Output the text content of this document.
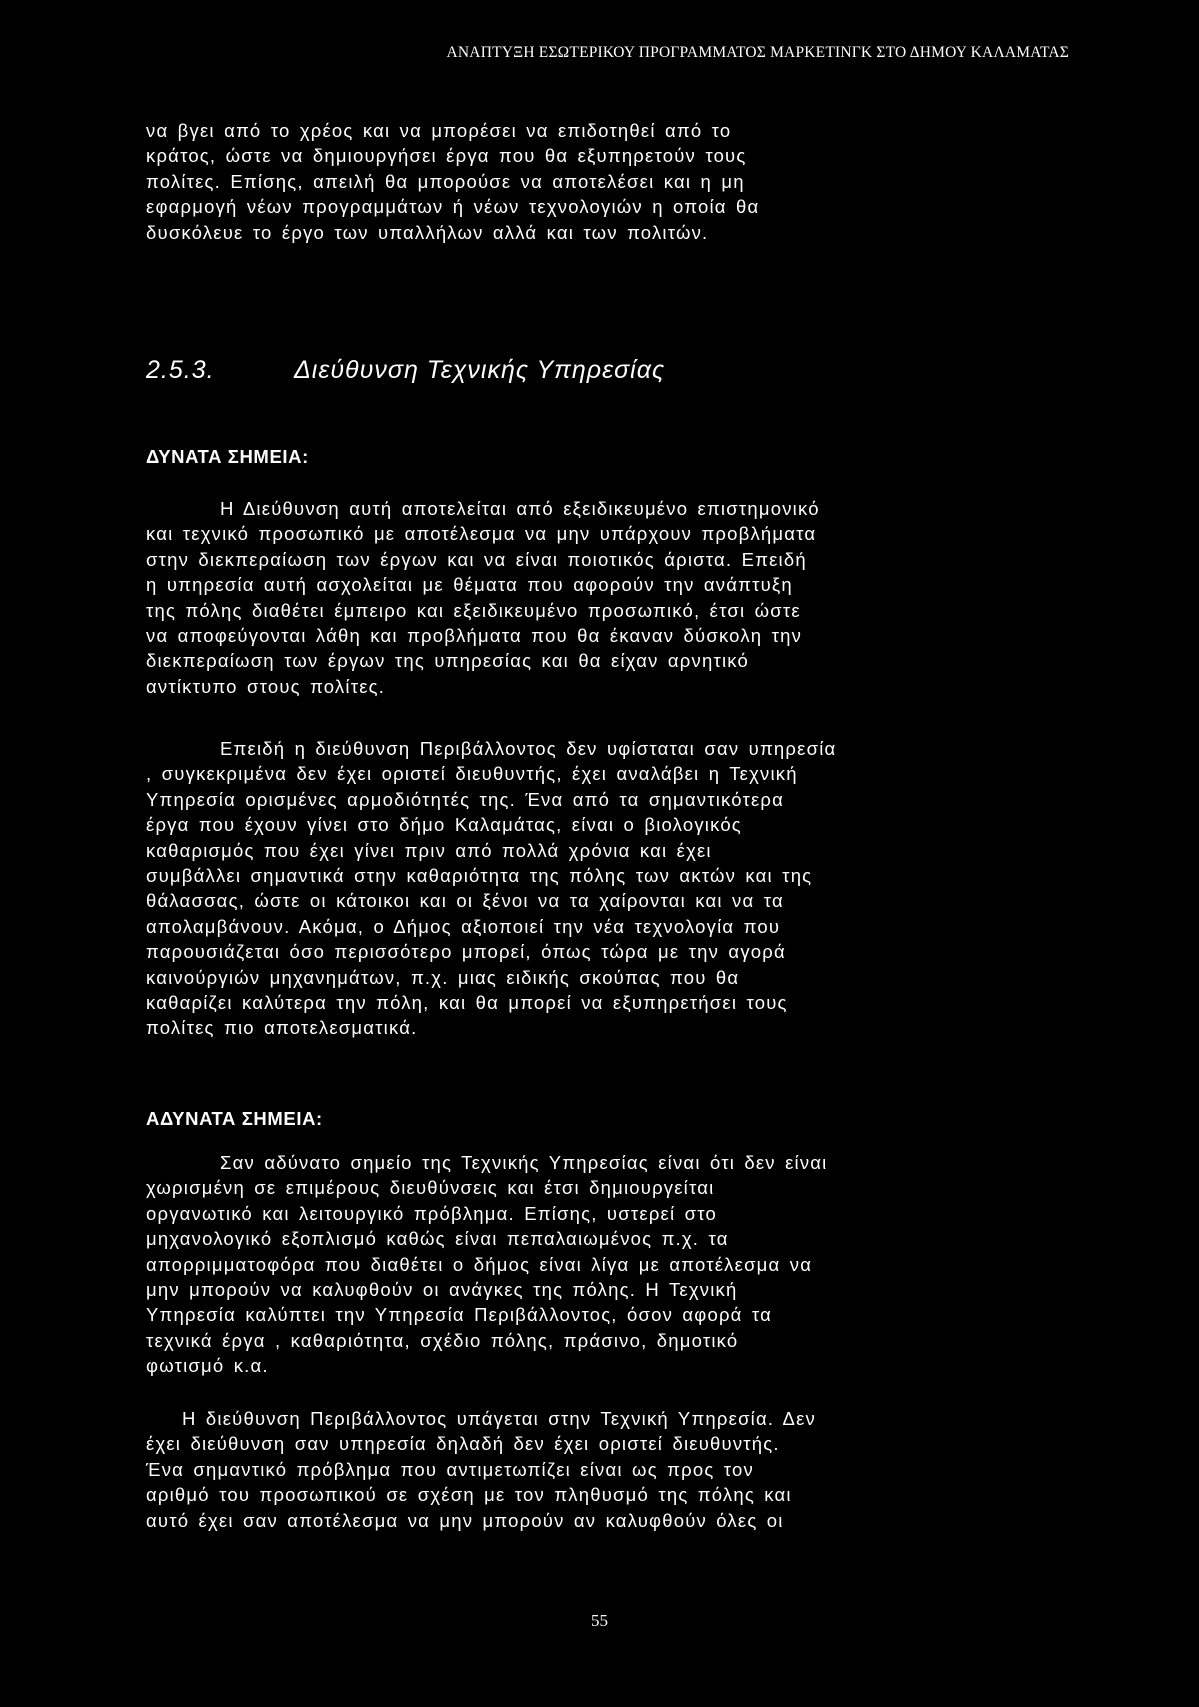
ΑΝΑΠΤΥΞΗ ΕΣΩΤΕΡΙΚΟΥ ΠΡΟΓΡΑΜΜΑΤΟΣ ΜΑΡΚΕΤΙΝΓΚ ΣΤΟ ΔΗΜΟΥ ΚΑΛΑΜΑΤΑΣ
να βγει από το χρέος και να μπορέσει να επιδοτηθεί από το
κράτος, ώστε να δημιουργήσει έργα που θα εξυπηρετούν τους
πολίτες. Επίσης, απειλή θα μπορούσε να αποτελέσει και η μη
εφαρμογή νέων προγραμμάτων ή νέων τεχνολογιών η οποία θα
δυσκόλευε το έργο των υπαλλήλων αλλά και των πολιτών.
2.5.3.	Διεύθυνση Τεχνικής Υπηρεσίας
ΔΥΝΑΤΑ ΣΗΜΕΙΑ:
Η Διεύθυνση αυτή αποτελείται από εξειδικευμένο επιστημονικό
και τεχνικό προσωπικό με αποτέλεσμα να μην υπάρχουν προβλήματα
στην διεκπεραίωση των έργων και να είναι ποιοτικός άριστα. Επειδή
η υπηρεσία αυτή ασχολείται με θέματα που αφορούν την ανάπτυξη
της πόλης διαθέτει έμπειρο και εξειδικευμένο προσωπικό, έτσι ώστε
να αποφεύγονται λάθη και προβλήματα που θα έκαναν δύσκολη την
διεκπεραίωση των έργων της υπηρεσίας και θα είχαν αρνητικό
αντίκτυπο στους πολίτες.
Επειδή η διεύθυνση Περιβάλλοντος δεν υφίσταται σαν υπηρεσία
, συγκεκριμένα δεν έχει οριστεί διευθυντής, έχει αναλάβει η Τεχνική
Υπηρεσία ορισμένες αρμοδιότητές της. Ένα από τα σημαντικότερα
έργα που έχουν γίνει στο δήμο Καλαμάτας, είναι ο βιολογικός
καθαρισμός που έχει γίνει πριν από πολλά χρόνια και έχει
συμβάλλει σημαντικά στην καθαριότητα της πόλης των ακτών και της
θάλασσας, ώστε οι κάτοικοι και οι ξένοι να τα χαίρονται και να τα
απολαμβάνουν. Ακόμα, ο Δήμος αξιοποιεί την νέα τεχνολογία που
παρουσιάζεται όσο περισσότερο μπορεί, όπως τώρα με την αγορά
καινούργιών μηχανημάτων, π.χ. μιας ειδικής σκούπας που θα
καθαρίζει καλύτερα την πόλη, και θα μπορεί να εξυπηρετήσει τους
πολίτες πιο αποτελεσματικά.
ΑΔΥΝΑΤΑ ΣΗΜΕΙΑ:
Σαν αδύνατο σημείο της Τεχνικής Υπηρεσίας είναι ότι δεν είναι
χωρισμένη σε επιμέρους διευθύνσεις και έτσι δημιουργείται
οργανωτικό και λειτουργικό πρόβλημα. Επίσης, υστερεί στο
μηχανολογικό εξοπλισμό καθώς είναι πεπαλαιωμένος π.χ. τα
απορριμματοφόρα που διαθέτει ο δήμος είναι λίγα με αποτέλεσμα να
μην μπορούν να καλυφθούν οι ανάγκες της πόλης. Η Τεχνική
Υπηρεσία καλύπτει την Υπηρεσία Περιβάλλοντος, όσον αφορά τα
τεχνικά έργα , καθαριότητα, σχέδιο πόλης, πράσινο, δημοτικό
φωτισμό κ.α.
Η διεύθυνση Περιβάλλοντος υπάγεται στην Τεχνική Υπηρεσία. Δεν
έχει διεύθυνση σαν υπηρεσία δηλαδή δεν έχει οριστεί διευθυντής.
Ένα σημαντικό πρόβλημα που αντιμετωπίζει είναι ως προς τον
αριθμό του προσωπικού σε σχέση με τον πληθυσμό της πόλης και
αυτό έχει σαν αποτέλεσμα να μην μπορούν αν καλυφθούν όλες οι
55
